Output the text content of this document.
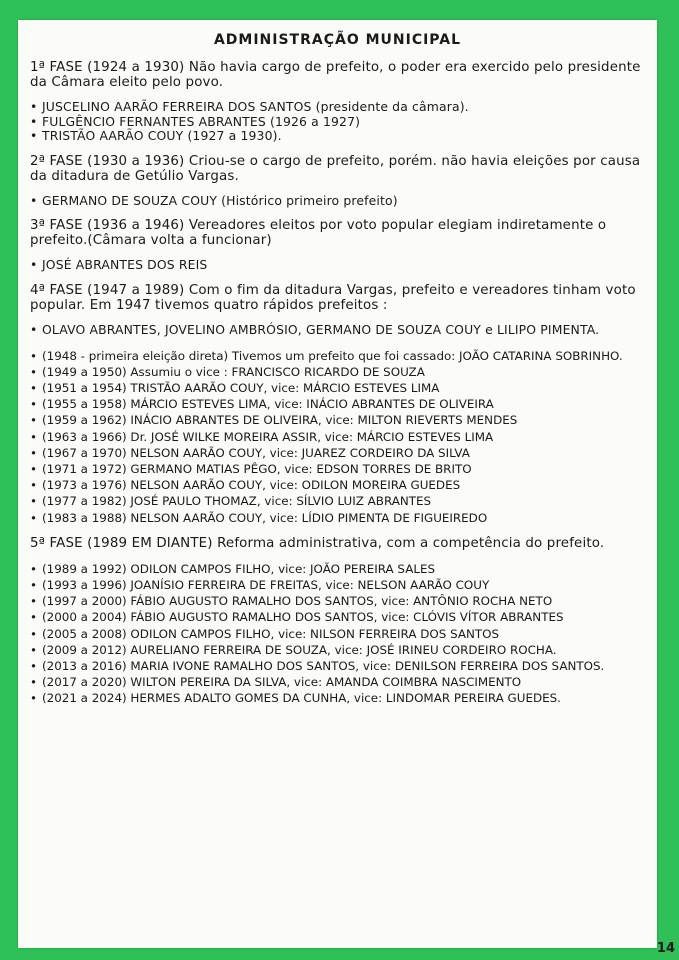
ADMINISTRAÇÃO MUNICIPAL
1ª FASE (1924 a 1930) Não havia cargo de prefeito, o poder era exercido pelo presidente da Câmara eleito pelo povo.
• JUSCELINO AARÃO FERREIRA DOS SANTOS (presidente da câmara).
• FULGÊNCIO FERNANTES ABRANTES (1926 a 1927)
• TRISTÃO AARÃO COUY (1927 a 1930).
2ª FASE (1930 a 1936) Criou-se o cargo de prefeito, porém. não havia eleições por causa da ditadura de Getúlio Vargas.
• GERMANO DE SOUZA COUY (Histórico primeiro prefeito)
3ª FASE (1936 a 1946) Vereadores eleitos por voto popular elegiam indiretamente o prefeito.(Câmara volta a funcionar)
• JOSÉ ABRANTES DOS REIS
4ª FASE (1947 a 1989) Com o fim da ditadura Vargas, prefeito e vereadores tinham voto popular. Em 1947 tivemos quatro rápidos prefeitos :
• OLAVO ABRANTES, JOVELINO AMBRÓSIO, GERMANO DE SOUZA COUY e LILIPO PIMENTA.
• (1948 - primeira eleição direta) Tivemos um prefeito que foi cassado: JOÃO CATARINA SOBRINHO.
• (1949 a 1950) Assumiu o vice : FRANCISCO RICARDO DE SOUZA
• (1951 a 1954) TRISTÃO AARÃO COUY, vice: MÁRCIO ESTEVES LIMA
• (1955 a 1958) MÁRCIO ESTEVES LIMA, vice: INÁCIO ABRANTES DE OLIVEIRA
• (1959 a 1962) INÁCIO ABRANTES DE OLIVEIRA, vice: MILTON RIEVERTS MENDES
• (1963 a 1966) Dr. JOSÉ WILKE MOREIRA ASSIR, vice: MÁRCIO ESTEVES LIMA
• (1967 a 1970) NELSON AARÃO COUY, vice: JUAREZ CORDEIRO DA SILVA
• (1971 a 1972) GERMANO MATIAS PÊGO, vice: EDSON TORRES DE BRITO
• (1973 a 1976) NELSON AARÃO COUY, vice: ODILON MOREIRA GUEDES
• (1977 a 1982) JOSÉ PAULO THOMAZ, vice: SÍLVIO LUIZ ABRANTES
• (1983 a 1988) NELSON AARÃO COUY, vice: LÍDIO PIMENTA DE FIGUEIREDO
5ª FASE (1989 EM DIANTE) Reforma administrativa, com a competência do prefeito.
• (1989 a 1992) ODILON CAMPOS FILHO, vice: JOÃO PEREIRA SALES
• (1993 a 1996) JOANÍSIO FERREIRA DE FREITAS, vice: NELSON AARÃO COUY
• (1997 a 2000) FÁBIO AUGUSTO RAMALHO DOS SANTOS, vice: ANTÔNIO ROCHA NETO
• (2000 a 2004) FÁBIO AUGUSTO RAMALHO DOS SANTOS, vice: CLÓVIS VÍTOR ABRANTES
• (2005 a 2008) ODILON CAMPOS FILHO, vice: NILSON FERREIRA DOS SANTOS
• (2009 a 2012) AURELIANO FERREIRA DE SOUZA, vice: JOSÉ IRINEU CORDEIRO ROCHA.
• (2013 a 2016) MARIA IVONE RAMALHO DOS SANTOS, vice: DENILSON FERREIRA DOS SANTOS.
• (2017 a 2020) WILTON PEREIRA DA SILVA, vice: AMANDA COIMBRA NASCIMENTO
• (2021 a 2024) HERMES ADALTO GOMES DA CUNHA, vice: LINDOMAR PEREIRA GUEDES.
14
